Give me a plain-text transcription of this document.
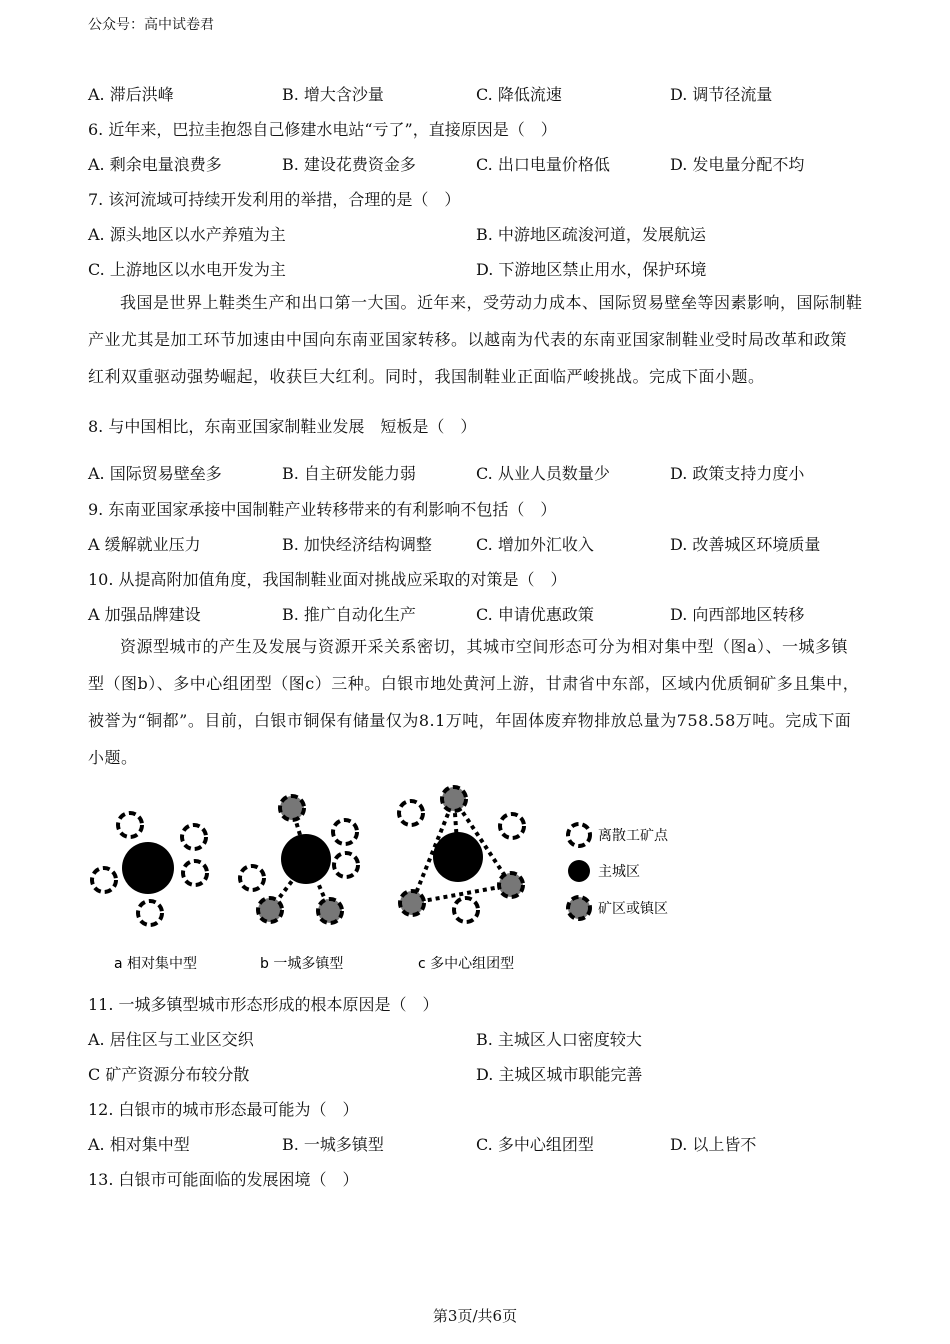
公众号：高中试卷君
A. 滞后洪峰	B. 增大含沙量	C. 降低流速	D. 调节径流量
6. 近年来，巴拉圭抱怨自己修建水电站“亏了”，直接原因是（　）
A. 剩余电量浪费多	B. 建设花费资金多	C. 出口电量价格低	D. 发电量分配不均
7. 该河流域可持续开发利用的举措，合理的是（　）
A. 源头地区以水产养殖为主	B. 中游地区疏浚河道，发展航运
C. 上游地区以水电开发为主	D. 下游地区禁止用水，保护环境
我国是世界上鞋类生产和出口第一大国。近年来，受劳动力成本、国际贸易壁垒等因素影响，国际制鞋产业尤其是加工环节加速由中国向东南亚国家转移。以越南为代表的东南亚国家制鞋业受时局改革和政策红利双重驱动强势崛起，收获巨大红利。同时，我国制鞋业正面临严峻挑战。完成下面小题。
8. 与中国相比，东南亚国家制鞋业发展　短板是（　）
A. 国际贸易壁垒多	B. 自主研发能力弱	C. 从业人员数量少	D. 政策支持力度小
9. 东南亚国家承接中国制鞋产业转移带来的有利影响不包括（　）
A 缓解就业压力	B. 加快经济结构调整	C. 增加外汇收入	D. 改善城区环境质量
10. 从提高附加值角度，我国制鞋业面对挑战应采取的对策是（　）
A 加强品牌建设	B. 推广自动化生产	C. 申请优惠政策	D. 向西部地区转移
资源型城市的产生及发展与资源开采关系密切，其城市空间形态可分为相对集中型（图a）、一城多镇型（图b）、多中心组团型（图c）三种。白银市地处黄河上游，甘肃省中东部，区域内优质铜矿多且集中，被誉为“铜都”。目前，白银市铜保有储量仅为8.1万吨，年固体废弃物排放总量为758.58万吨。完成下面小题。
离散工矿点
主城区
矿区或镇区
a 相对集中型	b 一城多镇型	c 多中心组团型
11. 一城多镇型城市形态形成的根本原因是（　）
A. 居住区与工业区交织	B. 主城区人口密度较大
C 矿产资源分布较分散	D. 主城区城市职能完善
12. 白银市的城市形态最可能为（　）
A. 相对集中型	B. 一城多镇型	C. 多中心组团型	D. 以上皆不
13. 白银市可能面临的发展困境（　）
第3页/共6页
